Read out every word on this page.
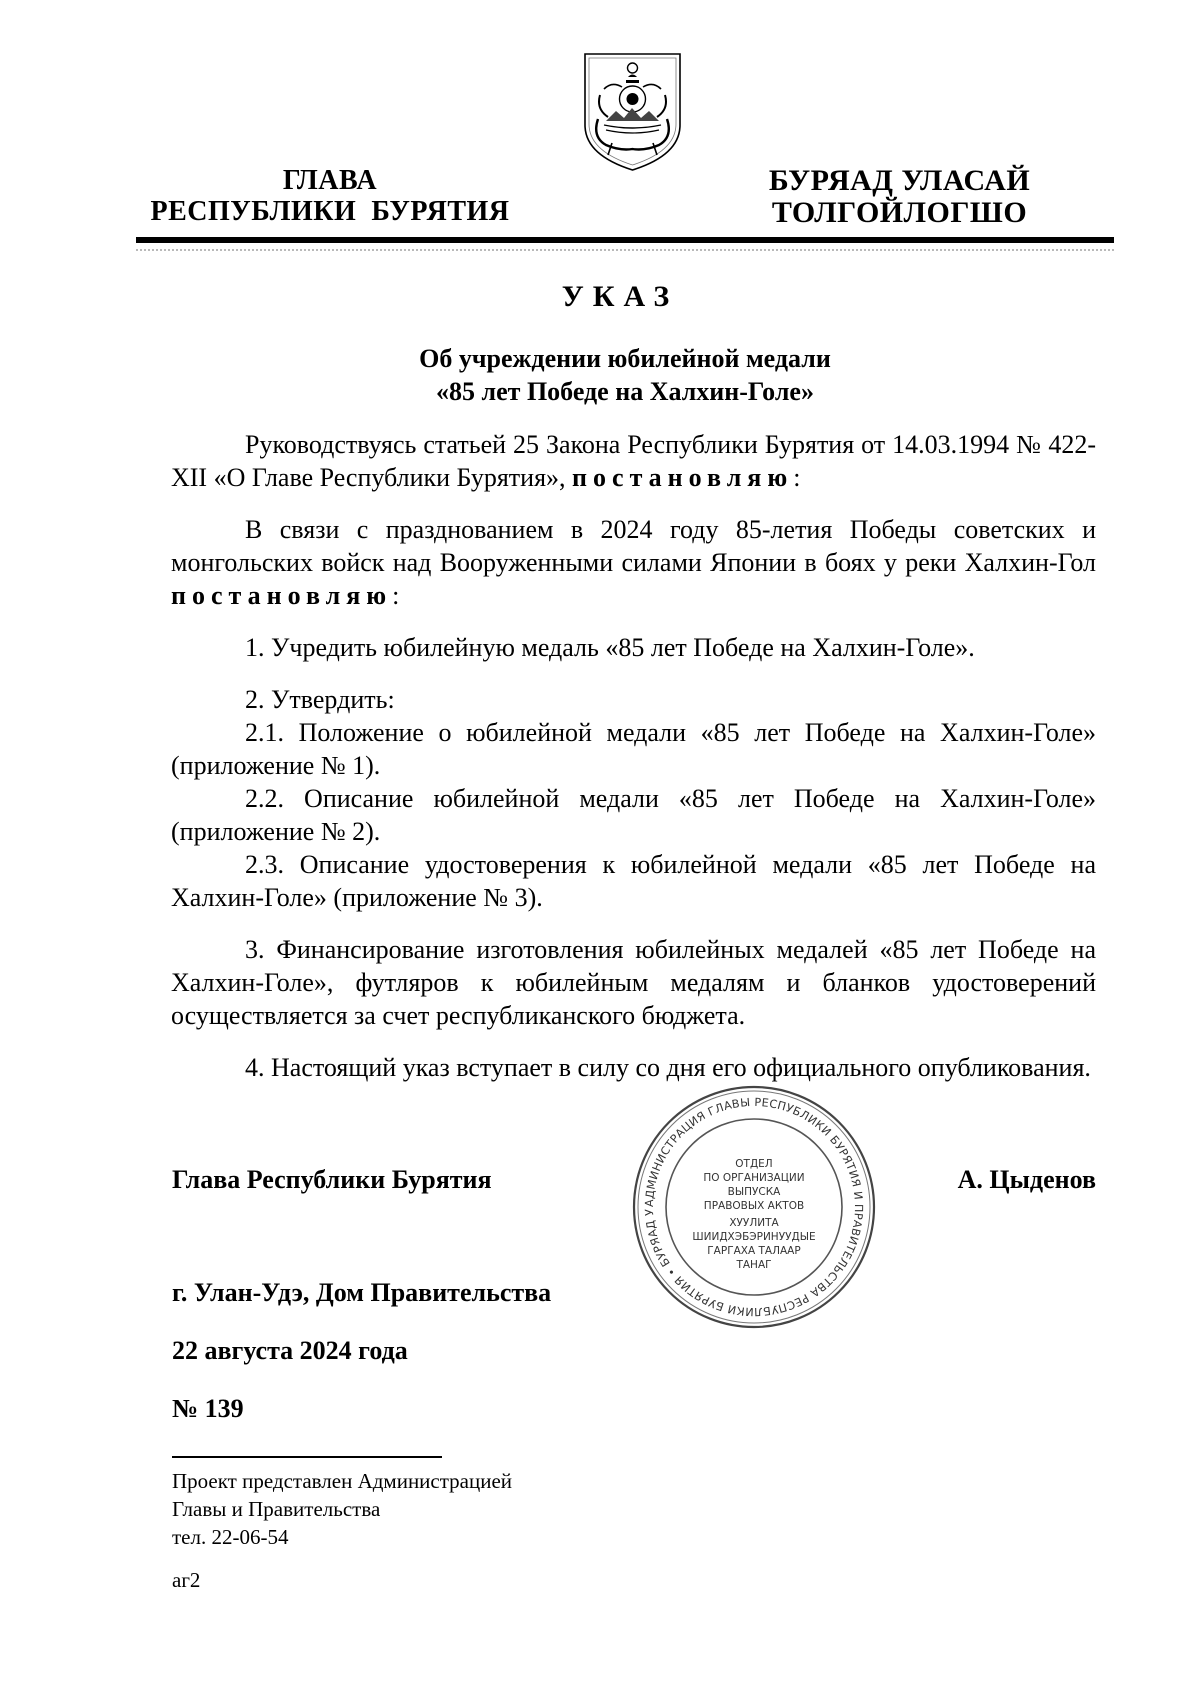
ГЛАВА
РЕСПУБЛИКИ  БУРЯТИЯ
БУРЯАД УЛАСАЙ
ТОЛГОЙЛОГШО
УКАЗ
Об учреждении юбилейной медали
«85 лет Победе на Халхин-Голе»

Руководствуясь статьей 25 Закона Республики Бурятия от 14.03.1994 № 422-XII «О Главе Республики Бурятия», постановляю:

В связи с празднованием в 2024 году 85-летия Победы советских и монгольских войск над Вооруженными силами Японии в боях у реки Халхин-Гол постановляю:

1. Учредить юбилейную медаль «85 лет Победе на Халхин-Голе».

2. Утвердить:

2.1. Положение о юбилейной медали «85 лет Победе на Халхин-Голе» (приложение № 1).

2.2. Описание юбилейной медали «85 лет Победе на Халхин-Голе» (приложение № 2).

2.3. Описание удостоверения к юбилейной медали «85 лет Победе на Халхин-Голе» (приложение № 3).

3. Финансирование изготовления юбилейных медалей «85 лет Победе на Халхин-Голе», футляров к юбилейным медалям и бланков удостоверений осуществляется за счет республиканского бюджета.

4. Настоящий указ вступает в силу со дня его официального опубликования.

Глава Республики Бурятия	А. Цыденов
АДМИНИСТРАЦИЯ ГЛАВЫ РЕСПУБЛИКИ БУРЯТИЯ И ПРАВИТЕЛЬСТВА РЕСПУБЛИКИ БУРЯТИЯ • БУРЯАД У
ОТДЕЛ
ПО ОРГАНИЗАЦИИ
ВЫПУСКА
ПРАВОВЫХ АКТОВ
ХУУЛИТА
ШИИДХЭБЭРИНУУДЫЕ
ГАРГАХА ТАЛААР
ТАНАГ
г. Улан-Удэ, Дом Правительства
22 августа 2024 года
№ 139
Проект представлен Администрацией
Главы и Правительства
тел. 22-06-54
аг2
